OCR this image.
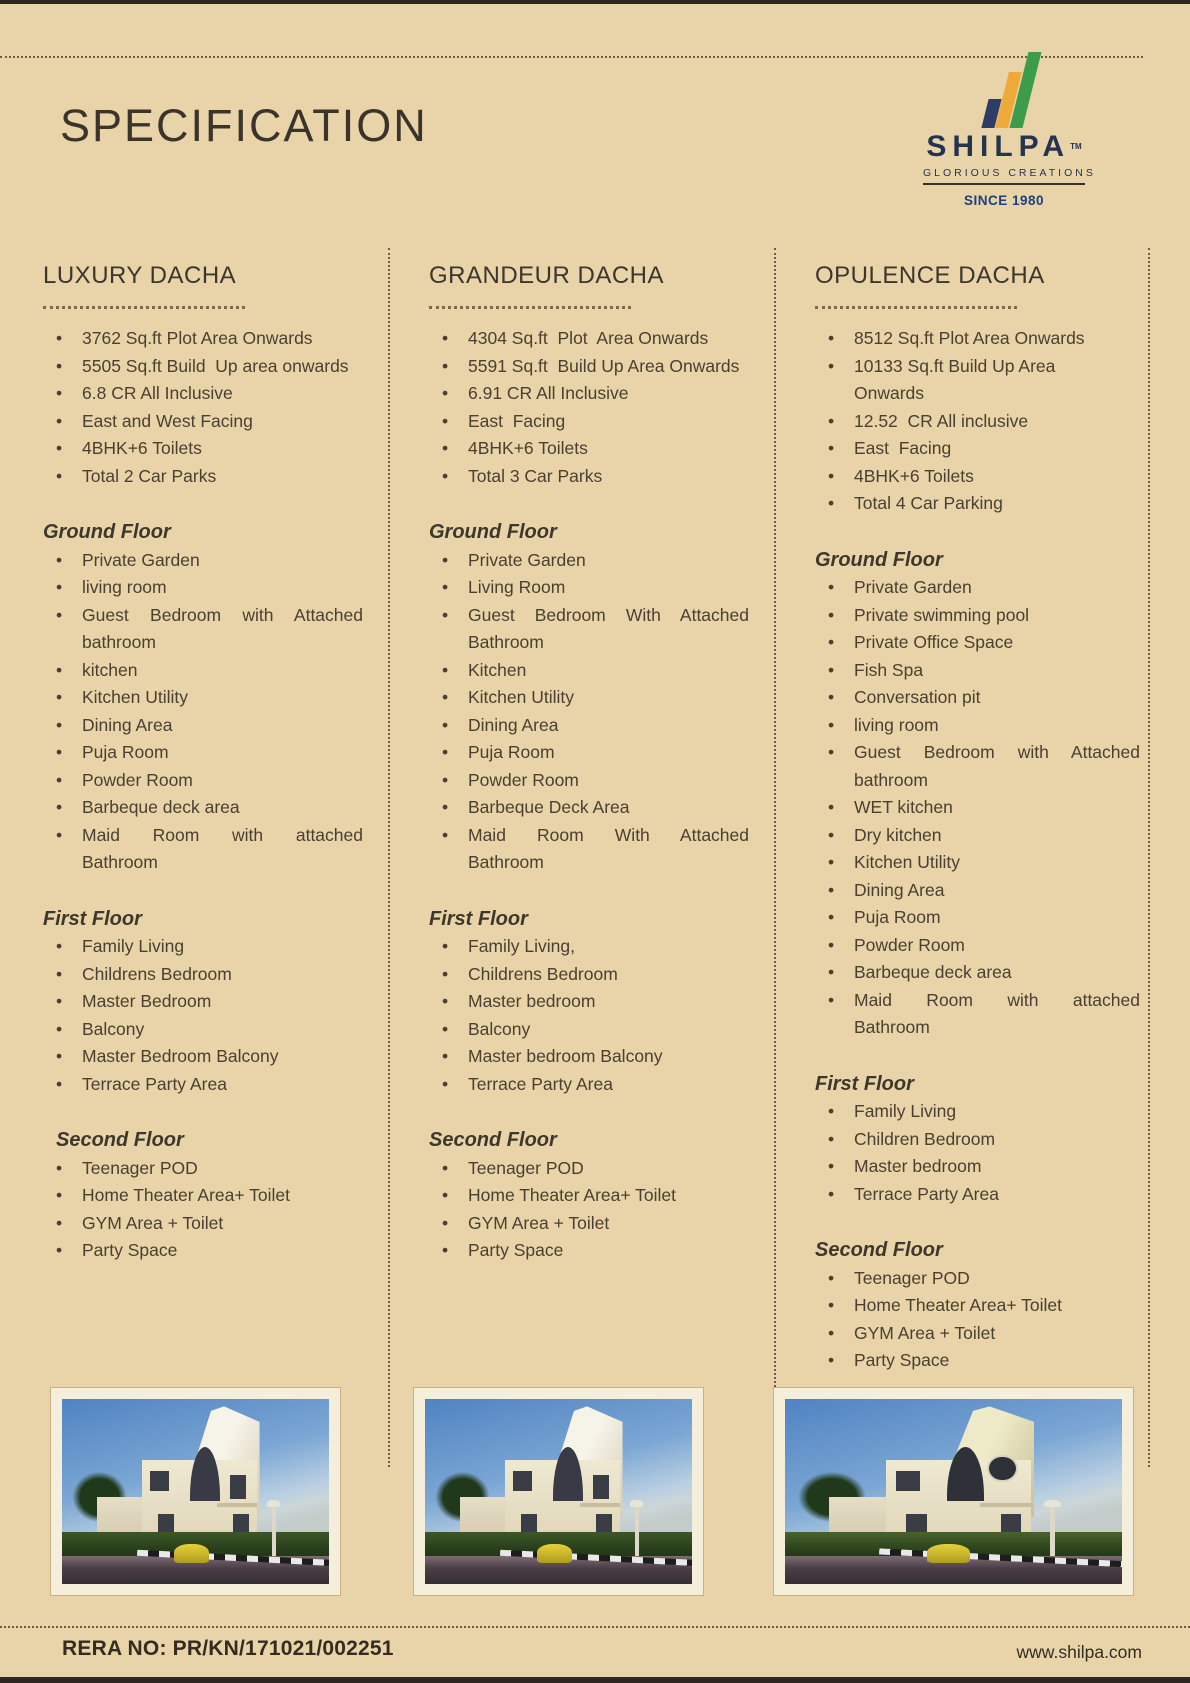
SPECIFICATION	SHILPA™
GLORIOUS CREATIONS
SINCE 1980
LUXURY DACHA
• 3762 Sq.ft Plot Area Onwards
• 5505 Sq.ft Build  Up area onwards
• 6.8 CR All Inclusive
• East and West Facing
• 4BHK+6 Toilets
• Total 2 Car Parks
Ground Floor
• Private Garden
• living room
• Guest Bedroom with Attached
bathroom
• kitchen
• Kitchen Utility
• Dining Area
• Puja Room
• Powder Room
• Barbeque deck area
• Maid Room with attached
Bathroom
First Floor
• Family Living
• Childrens Bedroom
• Master Bedroom
• Balcony
• Master Bedroom Balcony
• Terrace Party Area
Second Floor
• Teenager POD
• Home Theater Area+ Toilet
• GYM Area + Toilet
• Party Space
GRANDEUR DACHA
• 4304 Sq.ft  Plot  Area Onwards
• 5591 Sq.ft  Build Up Area Onwards
• 6.91 CR All Inclusive
• East  Facing
• 4BHK+6 Toilets
• Total 3 Car Parks
Ground Floor
• Private Garden
• Living Room
• Guest Bedroom With Attached
Bathroom
• Kitchen
• Kitchen Utility
• Dining Area
• Puja Room
• Powder Room
• Barbeque Deck Area
• Maid Room With Attached
Bathroom
First Floor
• Family Living,
• Childrens Bedroom
• Master bedroom
• Balcony
• Master bedroom Balcony
• Terrace Party Area
Second Floor
• Teenager POD
• Home Theater Area+ Toilet
• GYM Area + Toilet
• Party Space
OPULENCE DACHA
• 8512 Sq.ft Plot Area Onwards
• 10133 Sq.ft Build Up Area
Onwards
• 12.52  CR All inclusive
• East  Facing
• 4BHK+6 Toilets
• Total 4 Car Parking
Ground Floor
• Private Garden
• Private swimming pool
• Private Office Space
• Fish Spa
• Conversation pit
• living room
• Guest Bedroom with Attached
bathroom
• WET kitchen
• Dry kitchen
• Kitchen Utility
• Dining Area
• Puja Room
• Powder Room
• Barbeque deck area
• Maid Room with attached
Bathroom
First Floor
• Family Living
• Children Bedroom
• Master bedroom
• Terrace Party Area
Second Floor
• Teenager POD
• Home Theater Area+ Toilet
• GYM Area + Toilet
• Party Space
RERA NO: PR/KN/171021/002251	www.shilpa.com
